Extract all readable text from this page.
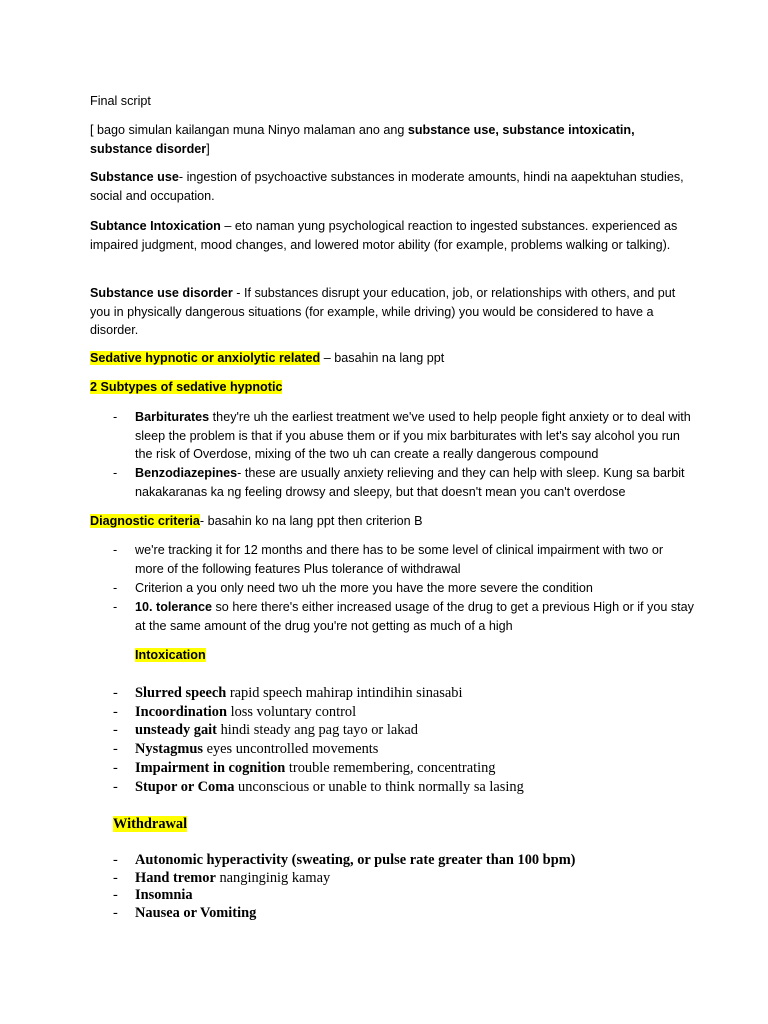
Final script
[ bago simulan kailangan muna Ninyo malaman ano ang substance use, substance intoxicatin, substance disorder]
Substance use- ingestion of psychoactive substances in moderate amounts, hindi na aapektuhan studies, social and occupation.
Subtance Intoxication – eto naman yung psychological reaction to ingested substances. experienced as impaired judgment, mood changes, and lowered motor ability (for example, problems walking or talking).
Substance use disorder - If substances disrupt your education, job, or relationships with others, and put you in physically dangerous situations (for example, while driving) you would be considered to have a disorder.
Sedative hypnotic or anxiolytic related – basahin na lang ppt
2 Subtypes of sedative hypnotic
- Barbiturates they're uh the earliest treatment we've used to help people fight anxiety or to deal with sleep the problem is that if you abuse them or if you mix barbiturates with let's say alcohol you run the risk of Overdose, mixing of the two uh can create a really dangerous compound
- Benzodiazepines- these are usually anxiety relieving and they can help with sleep. Kung sa barbit nakakaranas ka ng feeling drowsy and sleepy, but that doesn't mean you can't overdose
Diagnostic criteria- basahin ko na lang ppt then criterion B
- we're tracking it for 12 months and there has to be some level of clinical impairment with two or more of the following features Plus tolerance of withdrawal
- Criterion a you only need two uh the more you have the more severe the condition
- 10. tolerance so here there's either increased usage of the drug to get a previous High or if you stay at the same amount of the drug you're not getting as much of a high
Intoxication
- Slurred speech rapid speech mahirap intindihin sinasabi
- Incoordination loss voluntary control
- unsteady gait hindi steady ang pag tayo or lakad
- Nystagmus eyes uncontrolled movements
- Impairment in cognition trouble remembering, concentrating
- Stupor or Coma unconscious or unable to think normally sa lasing
Withdrawal
- Autonomic hyperactivity (sweating, or pulse rate greater than 100 bpm)
- Hand tremor nanginginig kamay
- Insomnia
- Nausea or Vomiting
